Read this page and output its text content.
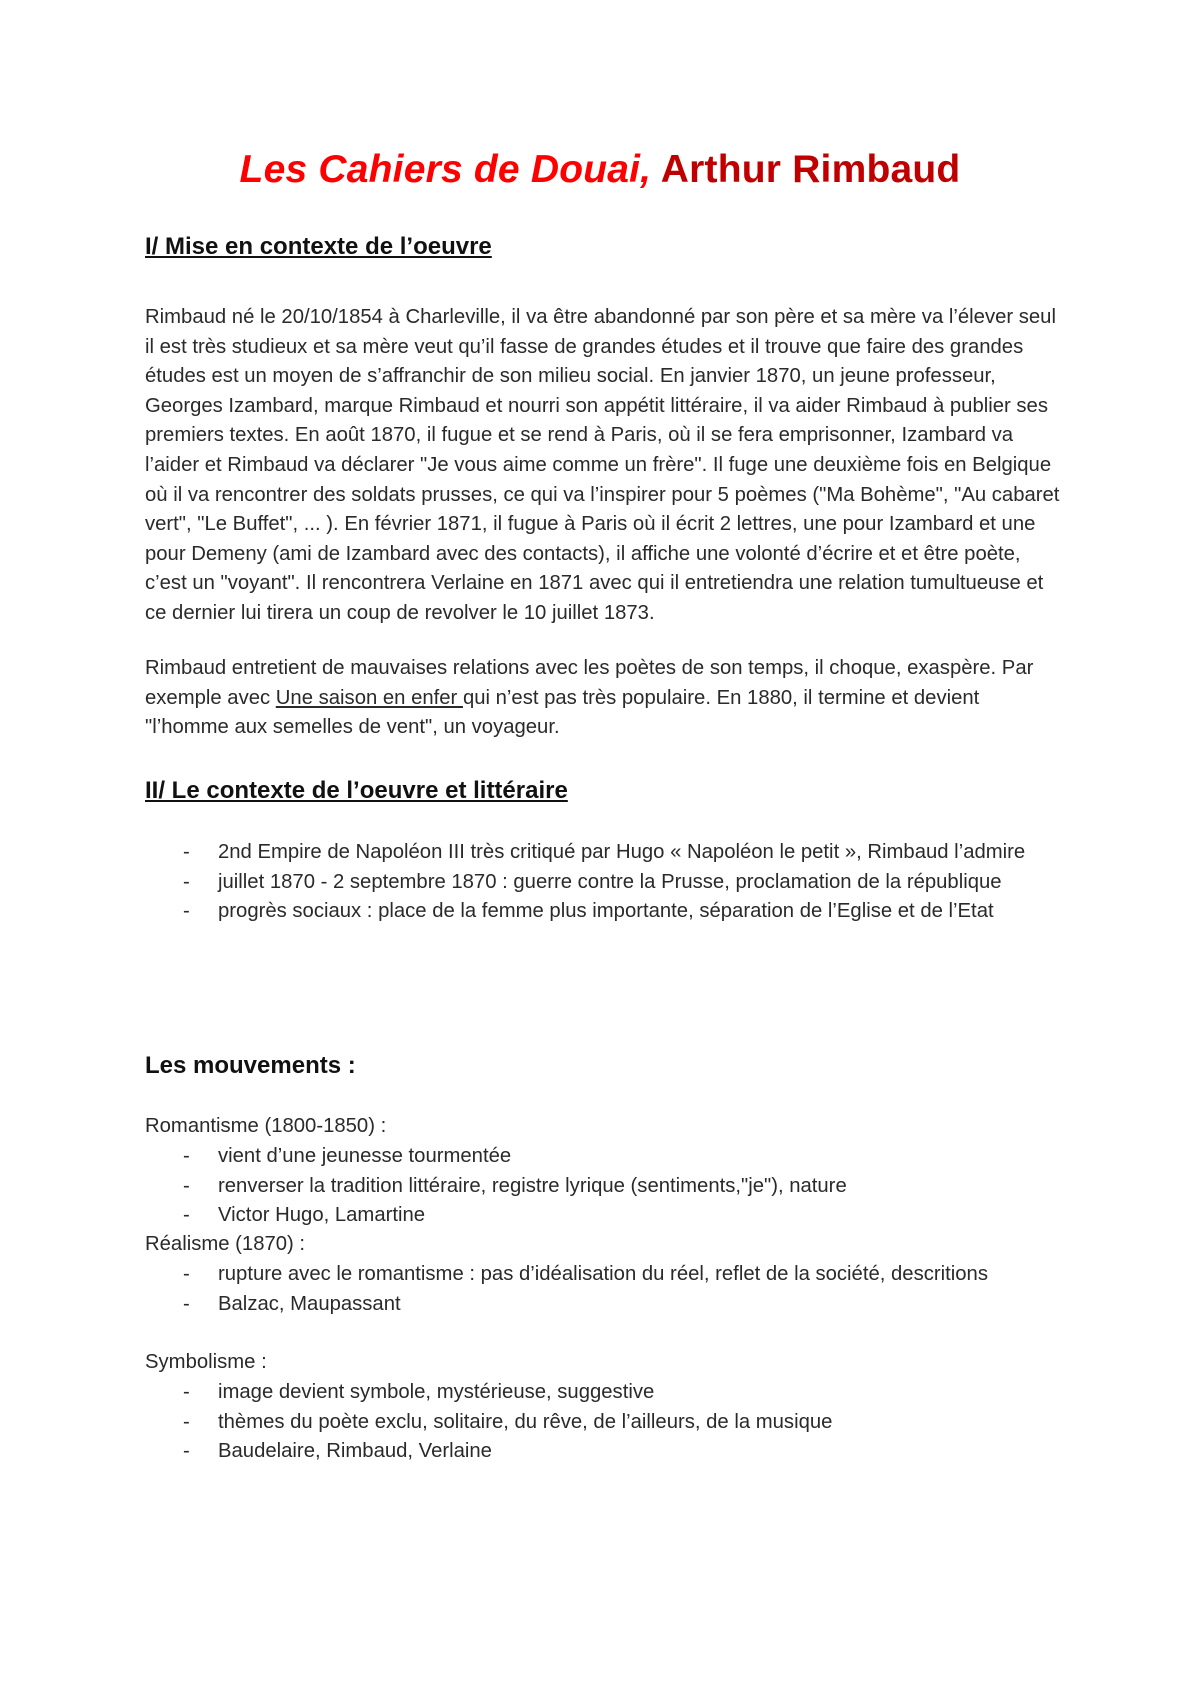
Les Cahiers de Douai, Arthur Rimbaud
I/ Mise en contexte de l’oeuvre
Rimbaud né le 20/10/1854 à Charleville, il va être abandonné par son père et sa mère va l’élever seul il est très studieux et sa mère veut qu’il fasse de grandes études et il trouve que faire des grandes études est un moyen de s’affranchir de son milieu social. En janvier 1870, un jeune professeur, Georges Izambard, marque Rimbaud et nourri son appétit littéraire, il va aider Rimbaud à publier ses premiers textes. En août 1870, il fugue et se rend à Paris, où il se fera emprisonner, Izambard va l’aider et Rimbaud va déclarer "Je vous aime comme un frère". Il fuge une deuxième fois en Belgique où il va rencontrer des soldats prusses, ce qui va l’inspirer pour 5 poèmes ("Ma Bohème", "Au cabaret vert", "Le Buffet", ... ). En février 1871, il fugue à Paris où il écrit 2 lettres, une pour Izambard et une pour Demeny (ami de Izambard avec des contacts), il affiche une volonté d’écrire et et être poète, c’est un "voyant". Il rencontrera Verlaine en 1871 avec qui il entretiendra une relation tumultueuse et ce dernier lui tirera un coup de revolver le 10 juillet 1873.
Rimbaud entretient de mauvaises relations avec les poètes de son temps, il choque, exaspère. Par exemple avec Une saison en enfer qui n’est pas très populaire. En 1880, il termine et devient "l’homme aux semelles de vent", un voyageur.
II/ Le contexte de l’oeuvre et littéraire
- 2nd Empire de Napoléon III très critiqué par Hugo « Napoléon le petit », Rimbaud l’admire
- juillet 1870 - 2 septembre 1870 : guerre contre la Prusse, proclamation de la république
- progrès sociaux : place de la femme plus importante, séparation de l’Eglise et de l’Etat
Les mouvements :
Romantisme (1800-1850) :
- vient d’une jeunesse tourmentée
- renverser la tradition littéraire, registre lyrique (sentiments,"je"), nature
- Victor Hugo, Lamartine
Réalisme (1870) :
- rupture avec le romantisme : pas d’idéalisation du réel, reflet de la société, descritions
- Balzac, Maupassant
Symbolisme :
- image devient symbole, mystérieuse, suggestive
- thèmes du poète exclu, solitaire, du rêve, de l’ailleurs, de la musique
- Baudelaire, Rimbaud, Verlaine
